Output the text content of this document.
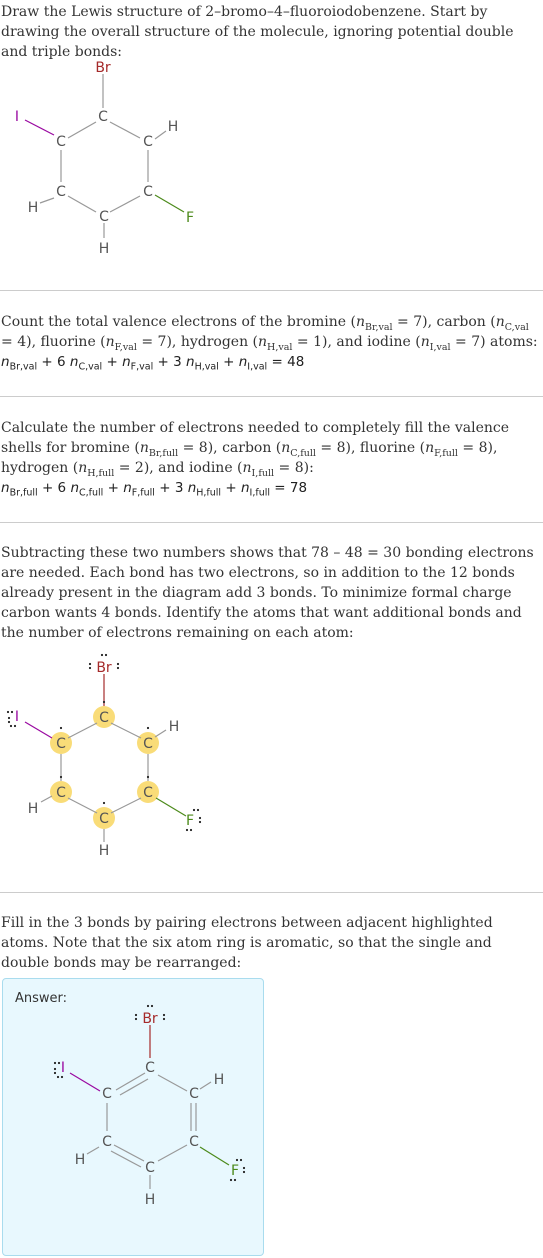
Draw the Lewis structure of 2–bromo–4–fluoroiodobenzene. Start by drawing the overall structure of the molecule, ignoring potential double and triple bonds:

Br
I	C
C	C
H
C	C
H
F
C
H

Count the total valence electrons of the bromine $(n_{Br,val} = 7)$, carbon $(n_{C,val} = 4)$, fluorine $(n_{F,val} = 7)$, hydrogen $(n_{H,val} = 1)$, and iodine $(n_{I,val} = 7)$ atoms:

$n_{Br,val} + 6$ $n_{C,val} + n_{F,val} + 3$ $n_{H,val} + n_{I,val} = 48$

Calculate the number of electrons needed to completely fill the valence shells for bromine $(n_{Br,full} = 8)$, carbon $(n_{C,full} = 8)$, fluorine $(n_{F,full} = 8)$, hydrogen $(n_{H,full} = 2)$, and iodine $(n_{I,full} = 8)$:

$n_{Br,full} + 6$ $n_{C,full} + n_{F,full} + 3$ $n_{H,full} + n_{I,full} = 78$

Subtracting these two numbers shows that 78 – 48 = 30 bonding electrons are needed. Each bond has two electrons, so in addition to the 12 bonds already present in the diagram add 3 bonds. To minimize formal charge carbon wants 4 bonds. Identify the atoms that want additional bonds and the number of electrons remaining on each atom:

Br
I	C
C	C
H
C	C
H
F
C
H

Fill in the 3 bonds by pairing electrons between adjacent highlighted atoms. Note that the six atom ring is aromatic, so that the single and double bonds may be rearranged:

Answer:
Br
I	C
C	C
H
C	C
H
F
C
H
